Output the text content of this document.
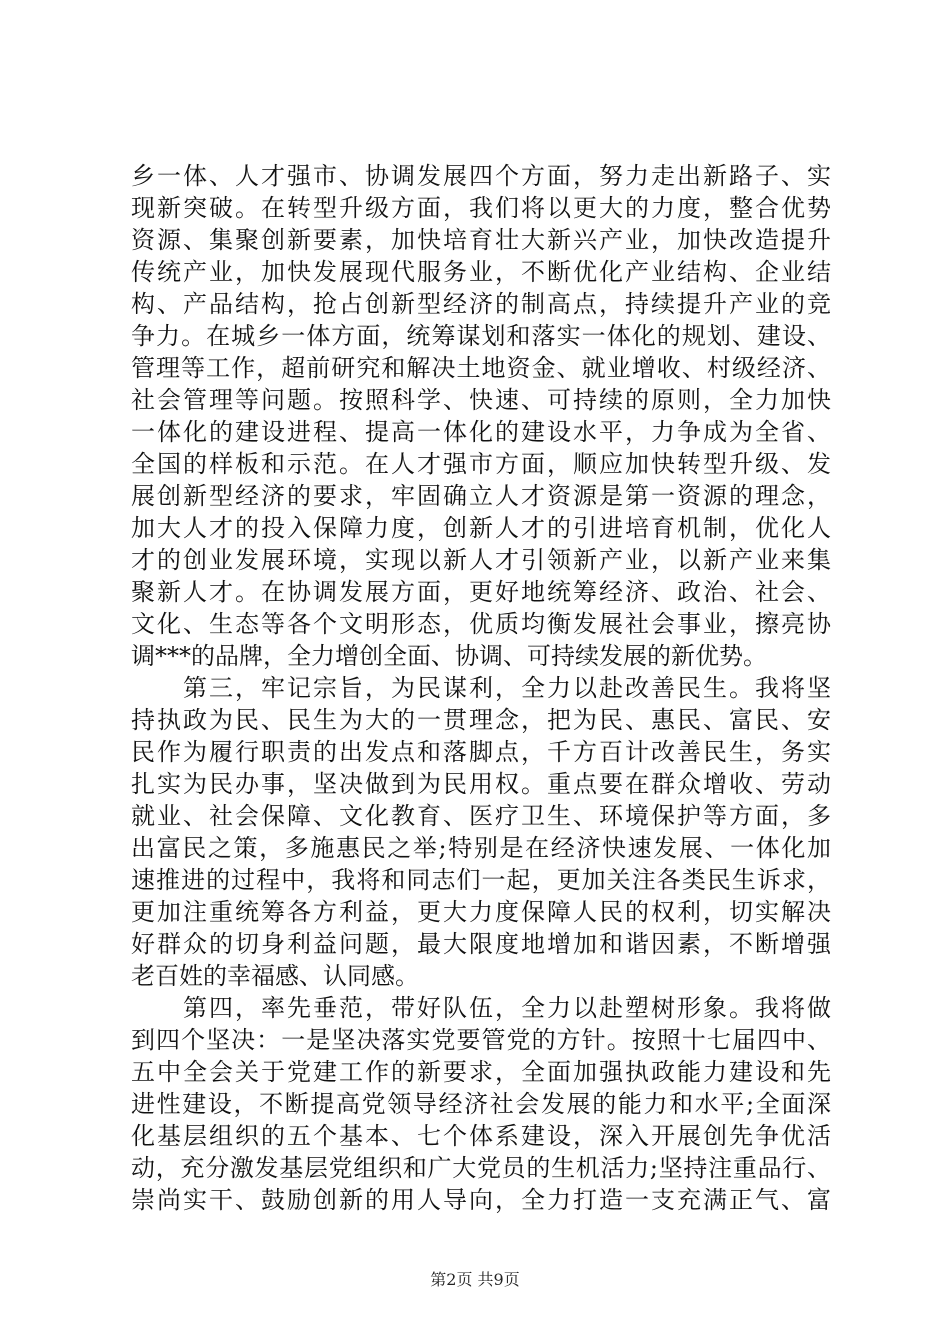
乡一体、人才强市、协调发展四个方面，努力走出新路子、实
现新突破。在转型升级方面，我们将以更大的力度，整合优势
资源、集聚创新要素，加快培育壮大新兴产业，加快改造提升
传统产业，加快发展现代服务业，不断优化产业结构、企业结
构、产品结构，抢占创新型经济的制高点，持续提升产业的竞
争力。在城乡一体方面，统筹谋划和落实一体化的规划、建设、
管理等工作，超前研究和解决土地资金、就业增收、村级经济、
社会管理等问题。按照科学、快速、可持续的原则，全力加快
一体化的建设进程、提高一体化的建设水平，力争成为全省、
全国的样板和示范。在人才强市方面，顺应加快转型升级、发
展创新型经济的要求，牢固确立人才资源是第一资源的理念，
加大人才的投入保障力度，创新人才的引进培育机制，优化人
才的创业发展环境，实现以新人才引领新产业，以新产业来集
聚新人才。在协调发展方面，更好地统筹经济、政治、社会、
文化、生态等各个文明形态，优质均衡发展社会事业，擦亮协
调***的品牌，全力增创全面、协调、可持续发展的新优势。
　　第三，牢记宗旨，为民谋利，全力以赴改善民生。我将坚
持执政为民、民生为大的一贯理念，把为民、惠民、富民、安
民作为履行职责的出发点和落脚点，千方百计改善民生，务实
扎实为民办事，坚决做到为民用权。重点要在群众增收、劳动
就业、社会保障、文化教育、医疗卫生、环境保护等方面，多
出富民之策，多施惠民之举;特别是在经济快速发展、一体化加
速推进的过程中，我将和同志们一起，更加关注各类民生诉求，
更加注重统筹各方利益，更大力度保障人民的权利，切实解决
好群众的切身利益问题，最大限度地增加和谐因素，不断增强
老百姓的幸福感、认同感。
　　第四，率先垂范，带好队伍，全力以赴塑树形象。我将做
到四个坚决：一是坚决落实党要管党的方针。按照十七届四中、
五中全会关于党建工作的新要求，全面加强执政能力建设和先
进性建设，不断提高党领导经济社会发展的能力和水平;全面深
化基层组织的五个基本、七个体系建设，深入开展创先争优活
动，充分激发基层党组织和广大党员的生机活力;坚持注重品行、
崇尚实干、鼓励创新的用人导向，全力打造一支充满正气、富
第2页 共9页
